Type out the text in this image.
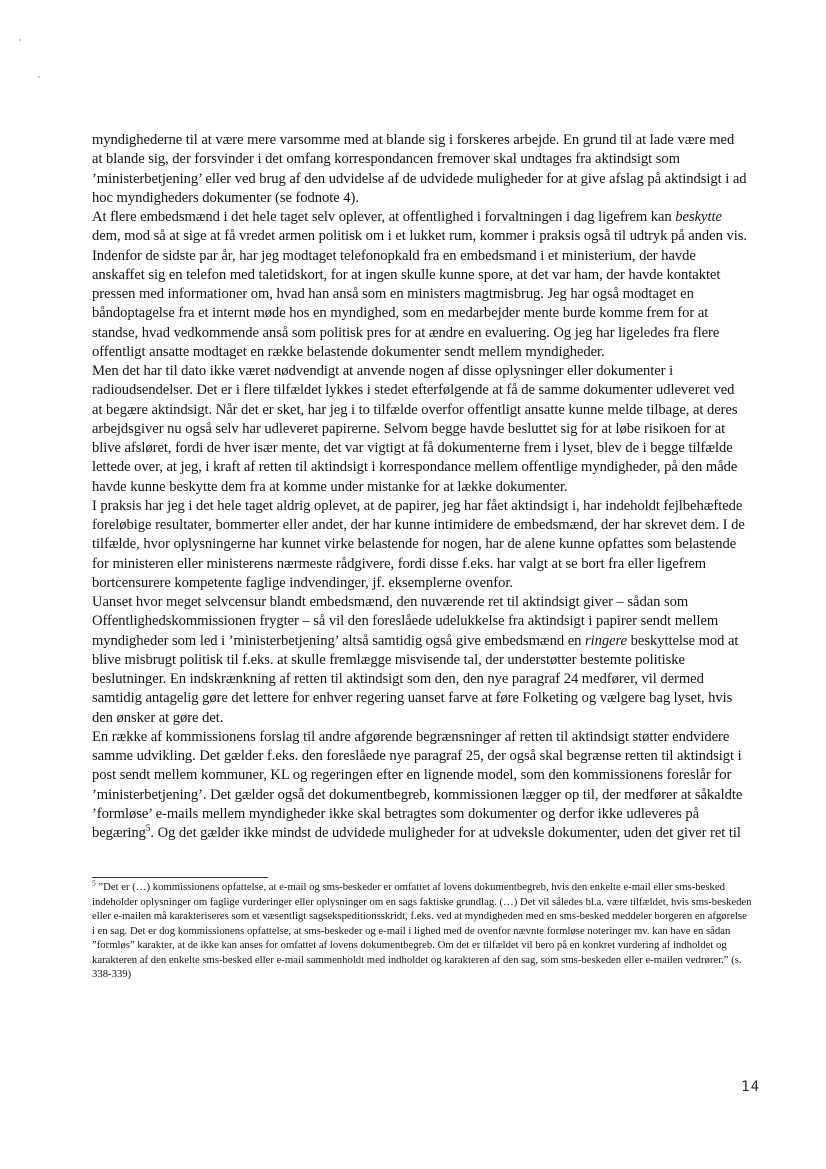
myndighederne til at være mere varsomme med at blande sig i forskeres arbejde. En grund til at lade være med at blande sig, der forsvinder i det omfang korrespondancen fremover skal undtages fra aktindsigt som ’ministerbetjening’ eller ved brug af den udvidelse af de udvidede muligheder for at give afslag på aktindsigt i ad hoc myndigheders dokumenter (se fodnote 4).

At flere embedsmænd i det hele taget selv oplever, at offentlighed i forvaltningen i dag ligefrem kan beskytte dem, mod så at sige at få vredet armen politisk om i et lukket rum, kommer i praksis også til udtryk på anden vis. Indenfor de sidste par år, har jeg modtaget telefonopkald fra en embedsmand i et ministerium, der havde anskaffet sig en telefon med taletidskort, for at ingen skulle kunne spore, at det var ham, der havde kontaktet pressen med informationer om, hvad han anså som en ministers magtmisbrug. Jeg har også modtaget en båndoptagelse fra et internt møde hos en myndighed, som en medarbejder mente burde komme frem for at standse, hvad vedkommende anså som politisk pres for at ændre en evaluering. Og jeg har ligeledes fra flere offentligt ansatte modtaget en række belastende dokumenter sendt mellem myndigheder.

Men det har til dato ikke været nødvendigt at anvende nogen af disse oplysninger eller dokumenter i radioudsendelser. Det er i flere tilfældet lykkes i stedet efterfølgende at få de samme dokumenter udleveret ved at begære aktindsigt. Når det er sket, har jeg i to tilfælde overfor offentligt ansatte kunne melde tilbage, at deres arbejdsgiver nu også selv har udleveret papirerne. Selvom begge havde besluttet sig for at løbe risikoen for at blive afsløret, fordi de hver især mente, det var vigtigt at få dokumenterne frem i lyset, blev de i begge tilfælde lettede over, at jeg, i kraft af retten til aktindsigt i korrespondance mellem offentlige myndigheder, på den måde havde kunne beskytte dem fra at komme under mistanke for at lække dokumenter.

I praksis har jeg i det hele taget aldrig oplevet, at de papirer, jeg har fået aktindsigt i, har indeholdt fejlbehæftede foreløbige resultater, bommerter eller andet, der har kunne intimidere de embedsmænd, der har skrevet dem. I de tilfælde, hvor oplysningerne har kunnet virke belastende for nogen, har de alene kunne opfattes som belastende for ministeren eller ministerens nærmeste rådgivere, fordi disse f.eks. har valgt at se bort fra eller ligefrem bortcensurere kompetente faglige indvendinger, jf. eksemplerne ovenfor.

Uanset hvor meget selvcensur blandt embedsmænd, den nuværende ret til aktindsigt giver – sådan som Offentlighedskommissionen frygter – så vil den foreslåede udelukkelse fra aktindsigt i papirer sendt mellem myndigheder som led i ’ministerbetjening’ altså samtidig også give embedsmænd en ringere beskyttelse mod at blive misbrugt politisk til f.eks. at skulle fremlægge misvisende tal, der understøtter bestemte politiske beslutninger. En indskrænkning af retten til aktindsigt som den, den nye paragraf 24 medfører, vil dermed samtidig antagelig gøre det lettere for enhver regering uanset farve at føre Folketing og vælgere bag lyset, hvis den ønsker at gøre det.

En række af kommissionens forslag til andre afgørende begrænsninger af retten til aktindsigt støtter endvidere samme udvikling. Det gælder f.eks. den foreslåede nye paragraf 25, der også skal begrænse retten til aktindsigt i post sendt mellem kommuner, KL og regeringen efter en lignende model, som den kommissionens foreslår for ’ministerbetjening’. Det gælder også det dokumentbegreb, kommissionen lægger op til, der medfører at såkaldte ’formløse’ e-mails mellem myndigheder ikke skal betragtes som dokumenter og derfor ikke udleveres på begæring$^5$. Og det gælder ikke mindst de udvidede muligheder for at udveksle dokumenter, uden det giver ret til

$^5$ ”Det er (…) kommissionens opfattelse, at e-mail og sms-beskeder er omfattet af lovens dokumentbegreb, hvis den enkelte e-mail eller sms-besked indeholder oplysninger om faglige vurderinger eller oplysninger om en sags faktiske grundlag. (…) Det vil således bl.a. være tilfældet, hvis sms-beskeden eller e-mailen må karakteriseres som et væsentligt sagsekspeditionsskridt, f.eks. ved at myndigheden med en sms-besked meddeler borgeren en afgørelse i en sag. Det er dog kommissionens opfattelse, at sms-beskeder og e-mail i lighed med de ovenfor nævnte formløse noteringer mv. kan have en sådan ”formløs” karakter, at de ikke kan anses for omfattet af lovens dokumentbegreb. Om det er tilfældet vil bero på en konkret vurdering af indholdet og karakteren af den enkelte sms-besked eller e-mail sammenholdt med indholdet og karakteren af den sag, som sms-beskeden eller e-mailen vedrører.” (s. 338-339)
14
